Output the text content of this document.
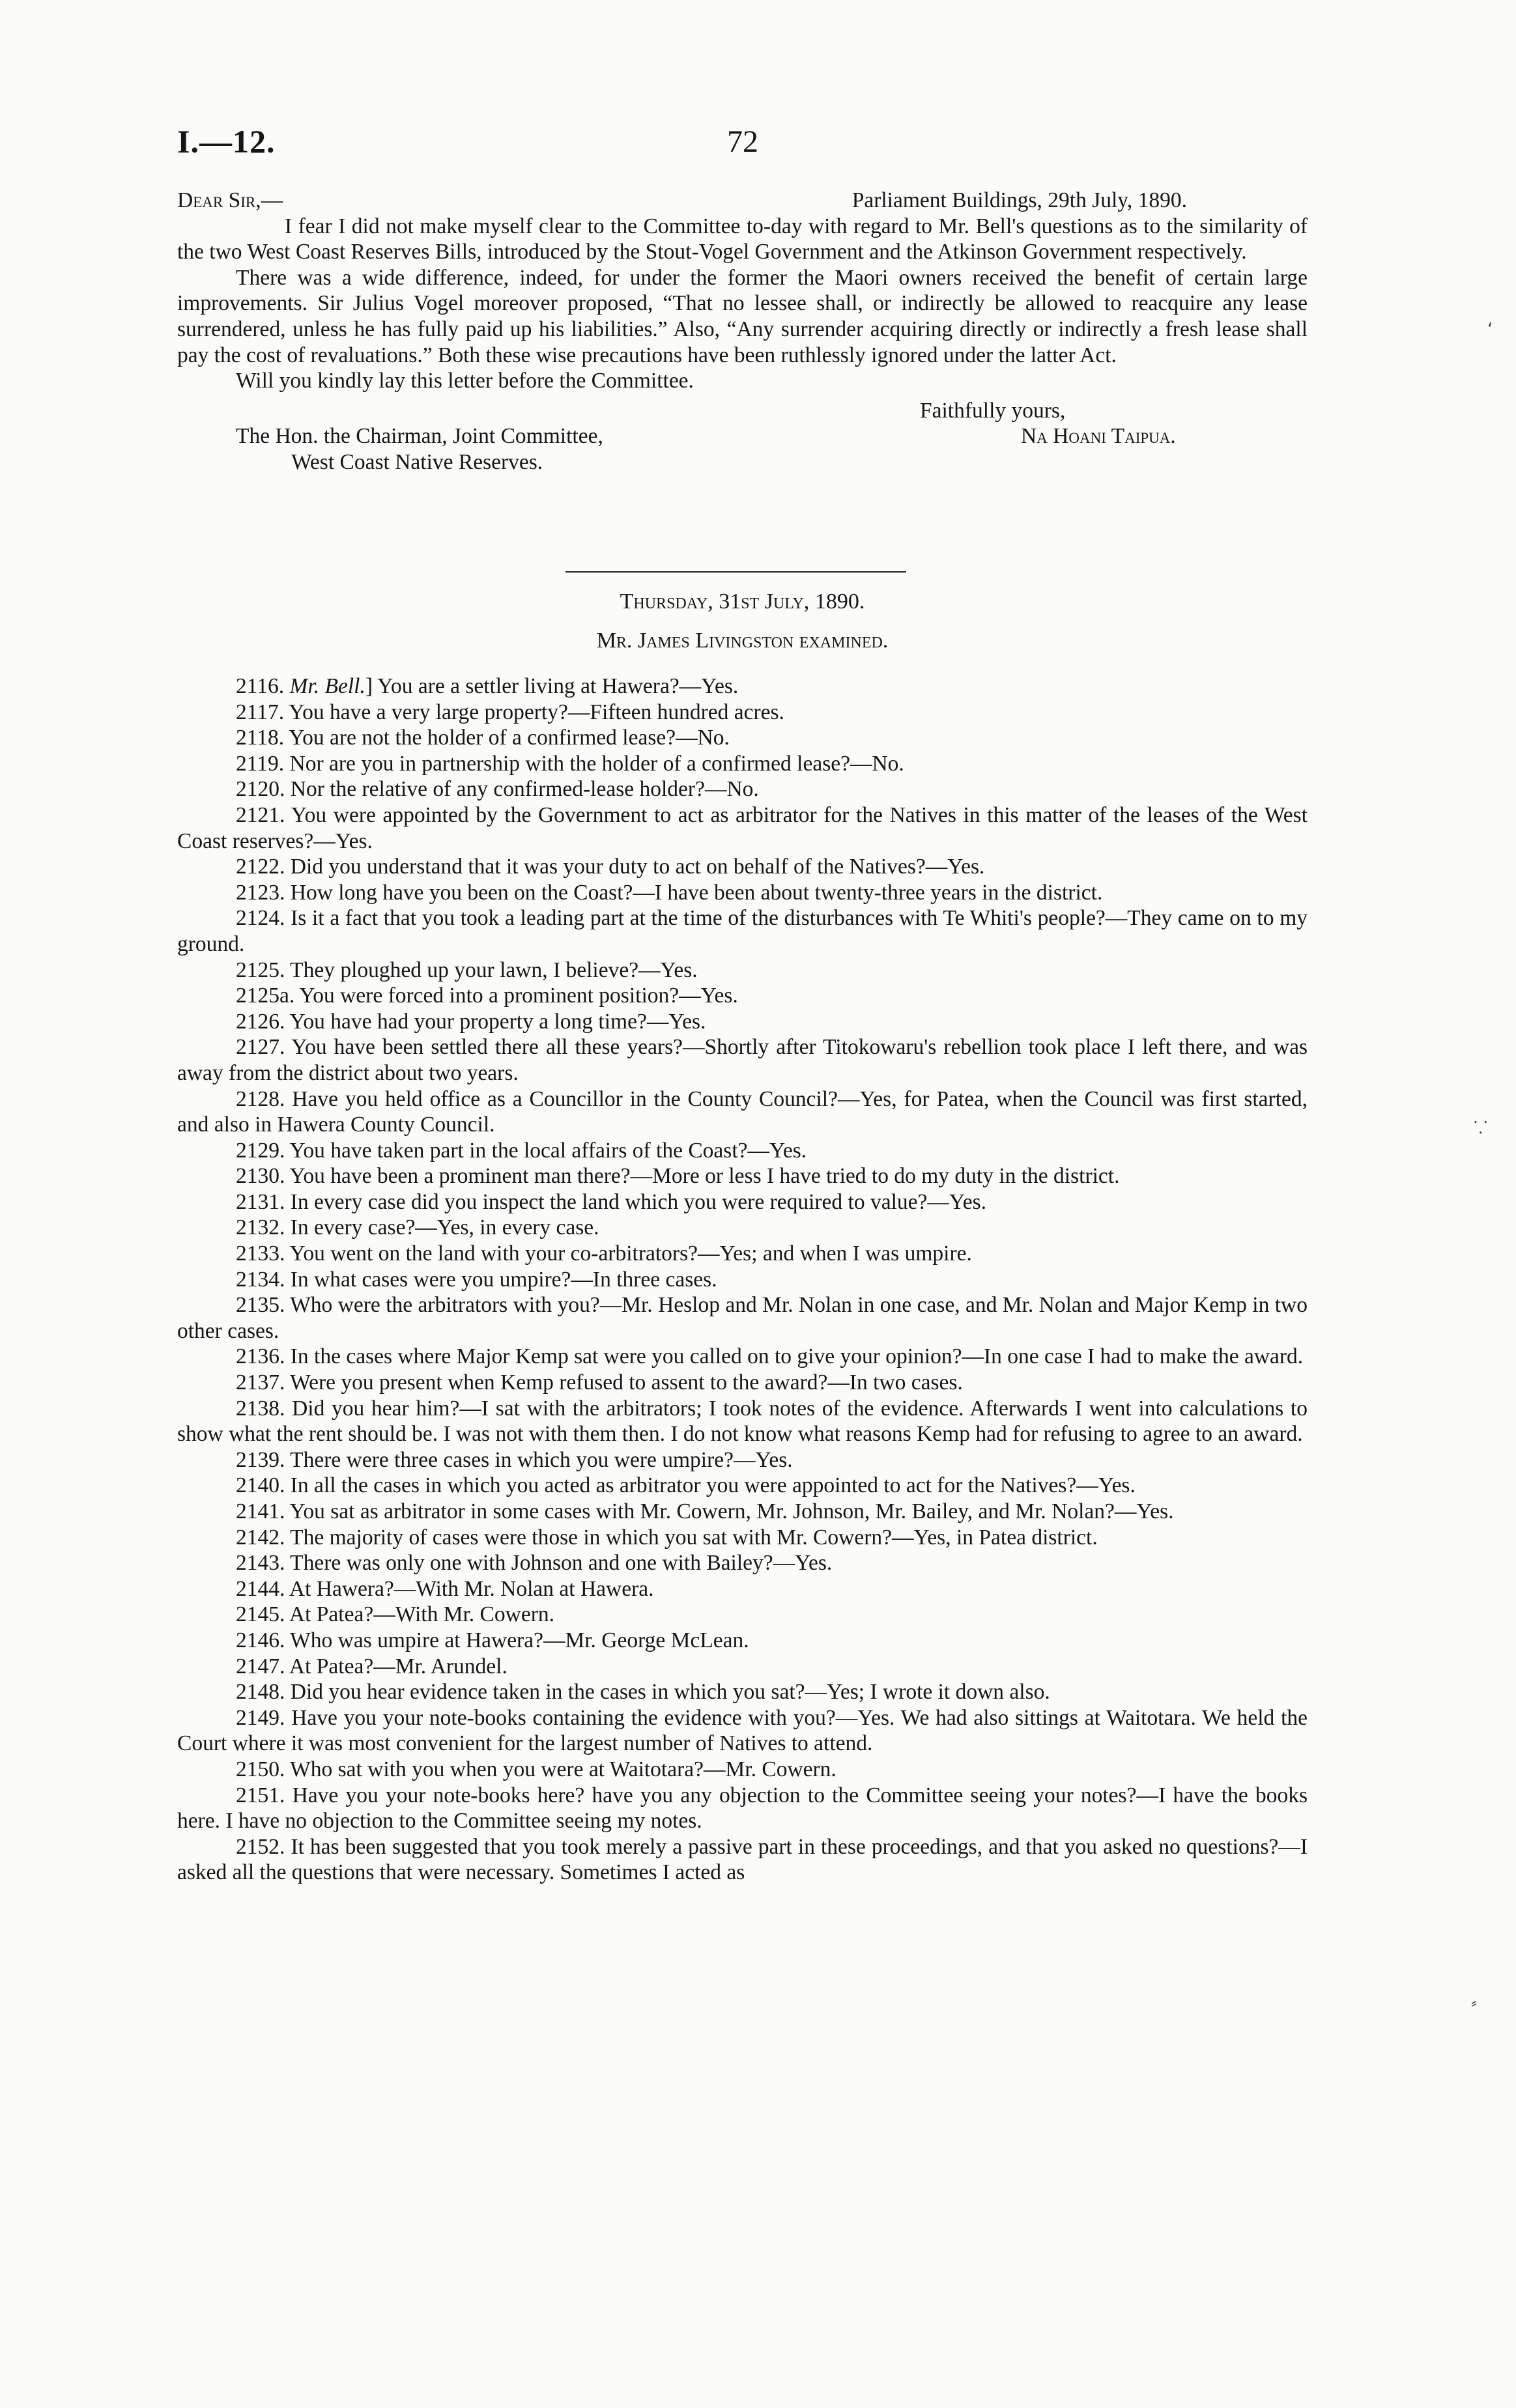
I.—12.	72
Dear Sir,—	Parliament Buildings, 29th July, 1890.
I fear I did not make myself clear to the Committee to-day with regard to Mr. Bell's questions as to the similarity of the two West Coast Reserves Bills, introduced by the Stout-Vogel Government and the Atkinson Government respectively.
There was a wide difference, indeed, for under the former the Maori owners received the benefit of certain large improvements. Sir Julius Vogel moreover proposed, “That no lessee shall, or indirectly be allowed to reacquire any lease surrendered, unless he has fully paid up his liabilities.” Also, “Any surrender acquiring directly or indirectly a fresh lease shall pay the cost of revaluations.” Both these wise precautions have been ruthlessly ignored under the latter Act.
Will you kindly lay this letter before the Committee.
Faithfully yours,
The Hon. the Chairman, Joint Committee,	Na Hoani Taipua.
West Coast Native Reserves.
Thursday, 31st July, 1890.
Mr. James Livingston examined.

2116. Mr. Bell.] You are a settler living at Hawera?—Yes.

2117. You have a very large property?—Fifteen hundred acres.

2118. You are not the holder of a confirmed lease?—No.

2119. Nor are you in partnership with the holder of a confirmed lease?—No.

2120. Nor the relative of any confirmed-lease holder?—No.

2121. You were appointed by the Government to act as arbitrator for the Natives in this matter of the leases of the West Coast reserves?—Yes.

2122. Did you understand that it was your duty to act on behalf of the Natives?—Yes.

2123. How long have you been on the Coast?—I have been about twenty-three years in the district.

2124. Is it a fact that you took a leading part at the time of the disturbances with Te Whiti's people?—They came on to my ground.

2125. They ploughed up your lawn, I believe?—Yes.

2125a. You were forced into a prominent position?—Yes.

2126. You have had your property a long time?—Yes.

2127. You have been settled there all these years?—Shortly after Titokowaru's rebellion took place I left there, and was away from the district about two years.

2128. Have you held office as a Councillor in the County Council?—Yes, for Patea, when the Council was first started, and also in Hawera County Council.

2129. You have taken part in the local affairs of the Coast?—Yes.

2130. You have been a prominent man there?—More or less I have tried to do my duty in the district.

2131. In every case did you inspect the land which you were required to value?—Yes.

2132. In every case?—Yes, in every case.

2133. You went on the land with your co-arbitrators?—Yes; and when I was umpire.

2134. In what cases were you umpire?—In three cases.

2135. Who were the arbitrators with you?—Mr. Heslop and Mr. Nolan in one case, and Mr. Nolan and Major Kemp in two other cases.

2136. In the cases where Major Kemp sat were you called on to give your opinion?—In one case I had to make the award.

2137. Were you present when Kemp refused to assent to the award?—In two cases.

2138. Did you hear him?—I sat with the arbitrators; I took notes of the evidence. Afterwards I went into calculations to show what the rent should be. I was not with them then. I do not know what reasons Kemp had for refusing to agree to an award.

2139. There were three cases in which you were umpire?—Yes.

2140. In all the cases in which you acted as arbitrator you were appointed to act for the Natives?—Yes.

2141. You sat as arbitrator in some cases with Mr. Cowern, Mr. Johnson, Mr. Bailey, and Mr. Nolan?—Yes.

2142. The majority of cases were those in which you sat with Mr. Cowern?—Yes, in Patea district.

2143. There was only one with Johnson and one with Bailey?—Yes.

2144. At Hawera?—With Mr. Nolan at Hawera.

2145. At Patea?—With Mr. Cowern.

2146. Who was umpire at Hawera?—Mr. George McLean.

2147. At Patea?—Mr. Arundel.

2148. Did you hear evidence taken in the cases in which you sat?—Yes; I wrote it down also.

2149. Have you your note-books containing the evidence with you?—Yes. We had also sittings at Waitotara. We held the Court where it was most convenient for the largest number of Natives to attend.

2150. Who sat with you when you were at Waitotara?—Mr. Cowern.

2151. Have you your note-books here? have you any objection to the Committee seeing your notes?—I have the books here. I have no objection to the Committee seeing my notes.

2152. It has been suggested that you took merely a passive part in these proceedings, and that you asked no questions?—I asked all the questions that were necessary. Sometimes I acted as

⸲
⸪
⸗
